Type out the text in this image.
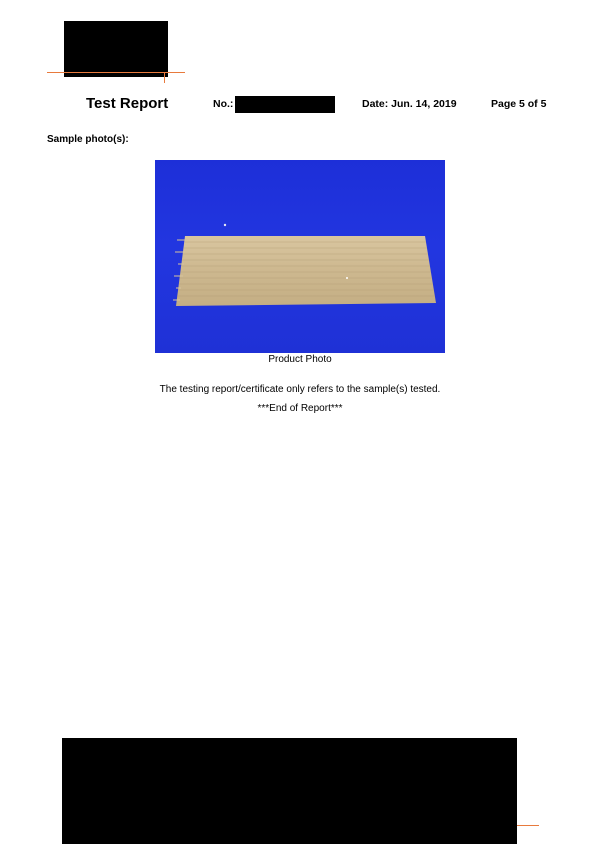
Test Report	No.:	Date: Jun. 14, 2019	Page 5 of 5
Sample photo(s):
Product Photo
The testing report/certificate only refers to the sample(s) tested.
***End of Report***
